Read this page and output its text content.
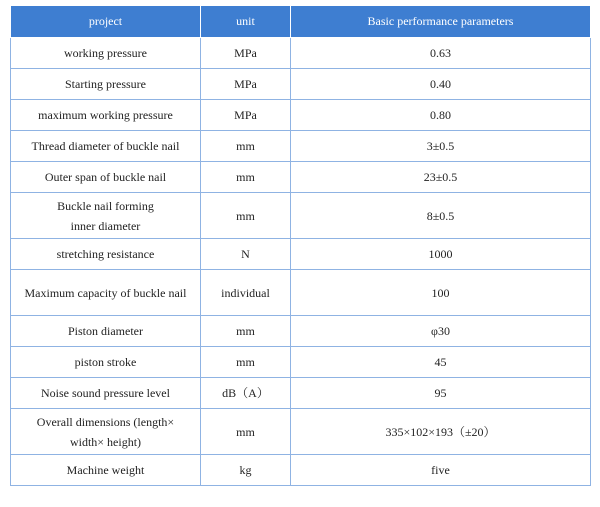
project	unit	Basic performance parameters
working pressure	MPa	0.63
Starting pressure	MPa	0.40
maximum working pressure	MPa	0.80
Thread diameter of buckle nail	mm	3±0.5
Outer span of buckle nail	mm	23±0.5

Buckle nail forming
inner diameter	mm	8±0.5
stretching resistance	N	1000
Maximum capacity of buckle nail	individual	100
Piston diameter	mm	φ30
piston stroke	mm	45
Noise sound pressure level	dB（A）	95

Overall dimensions (length×
width× height)	mm	335×102×193（±20）
Machine weight	kg	five
